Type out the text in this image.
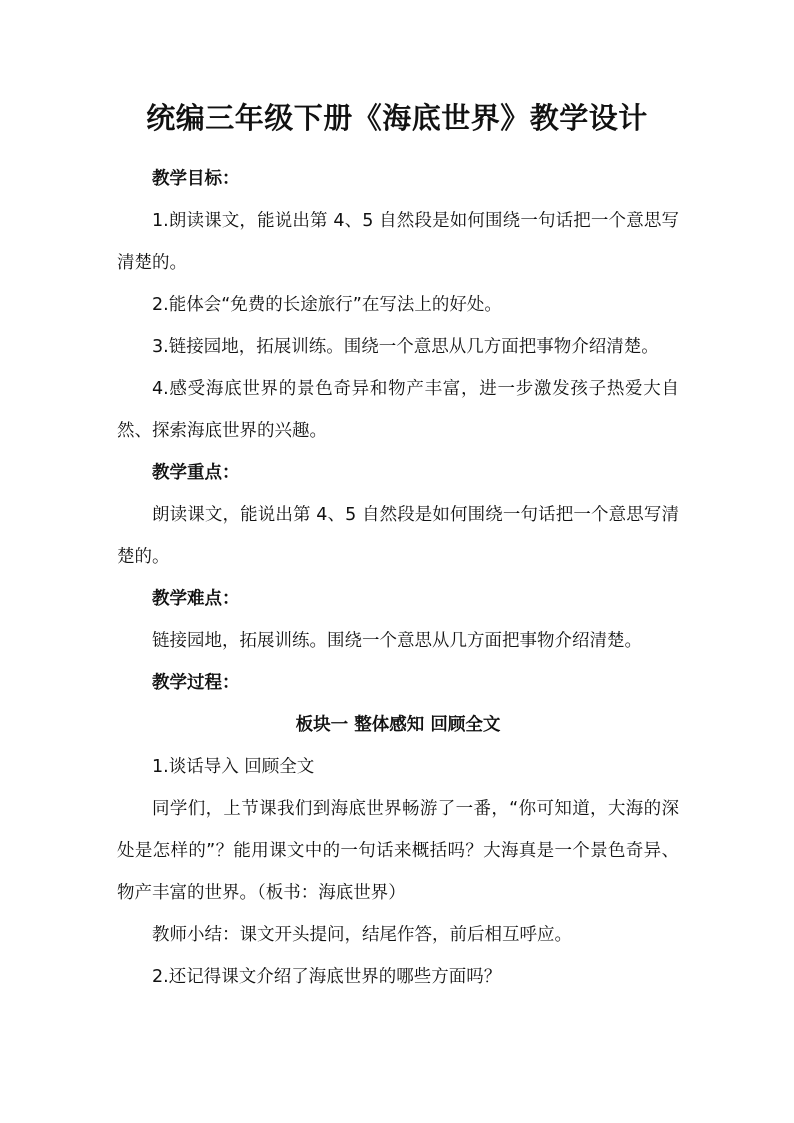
统编三年级下册《海底世界》教学设计

教学目标：

1.朗读课文，能说出第 4、5 自然段是如何围绕一句话把一个意思写清楚的。

2.能体会“免费的长途旅行”在写法上的好处。

3.链接园地，拓展训练。围绕一个意思从几方面把事物介绍清楚。

4.感受海底世界的景色奇异和物产丰富，进一步激发孩子热爱大自然、探索海底世界的兴趣。

教学重点：

朗读课文，能说出第 4、5 自然段是如何围绕一句话把一个意思写清楚的。

教学难点：

链接园地，拓展训练。围绕一个意思从几方面把事物介绍清楚。

教学过程：

板块一 整体感知 回顾全文

1.谈话导入 回顾全文

同学们，上节课我们到海底世界畅游了一番，“你可知道，大海的深处是怎样的”？能用课文中的一句话来概括吗？大海真是一个景色奇异、物产丰富的世界。（板书：海底世界）

教师小结：课文开头提问，结尾作答，前后相互呼应。

2.还记得课文介绍了海底世界的哪些方面吗？
